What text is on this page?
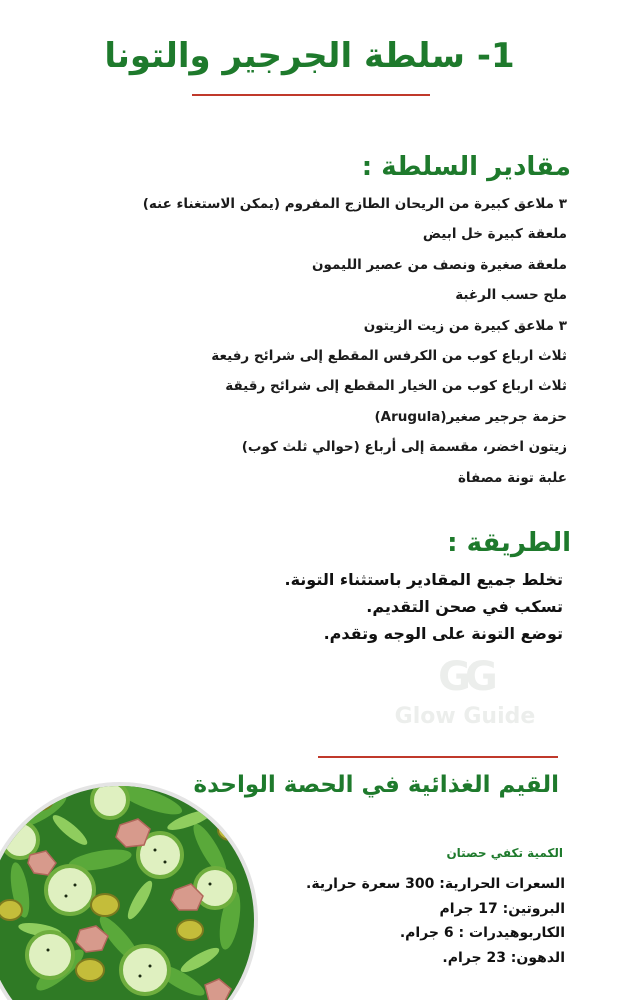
1- سلطة الجرجير والتونا
مقادير السلطة :
٣ ملاعق كبيرة من الريحان الطازج المفروم (يمكن الاستغناء عنه)
ملعقة كبيرة خل ابيض
ملعقة صغيرة ونصف من عصير الليمون
ملح حسب الرغبة
٣ ملاعق كبيرة من زيت الزيتون
ثلاث ارباع كوب من الكرفس المقطع إلى شرائح رفيعة
ثلاث ارباع كوب من الخيار المقطع إلى شرائح رقيقة
حزمة جرجير صغير(Arugula)
زيتون اخضر، مقسمة إلى أرباع (حوالي ثلث كوب)
علبة تونة مصفاة
الطريقة :
تخلط جميع المقادير باستثناء التونة.
تسكب في صحن التقديم.
توضع التونة على الوجه وتقدم.
GG
Glow Guide
القيم الغذائية في الحصة الواحدة
الكمية تكفي حصتان
السعرات الحرارية: 300 سعرة حرارية.
البروتين: 17 جرام
الكاربوهيدرات : 6 جرام.
الدهون: 23 جرام.
